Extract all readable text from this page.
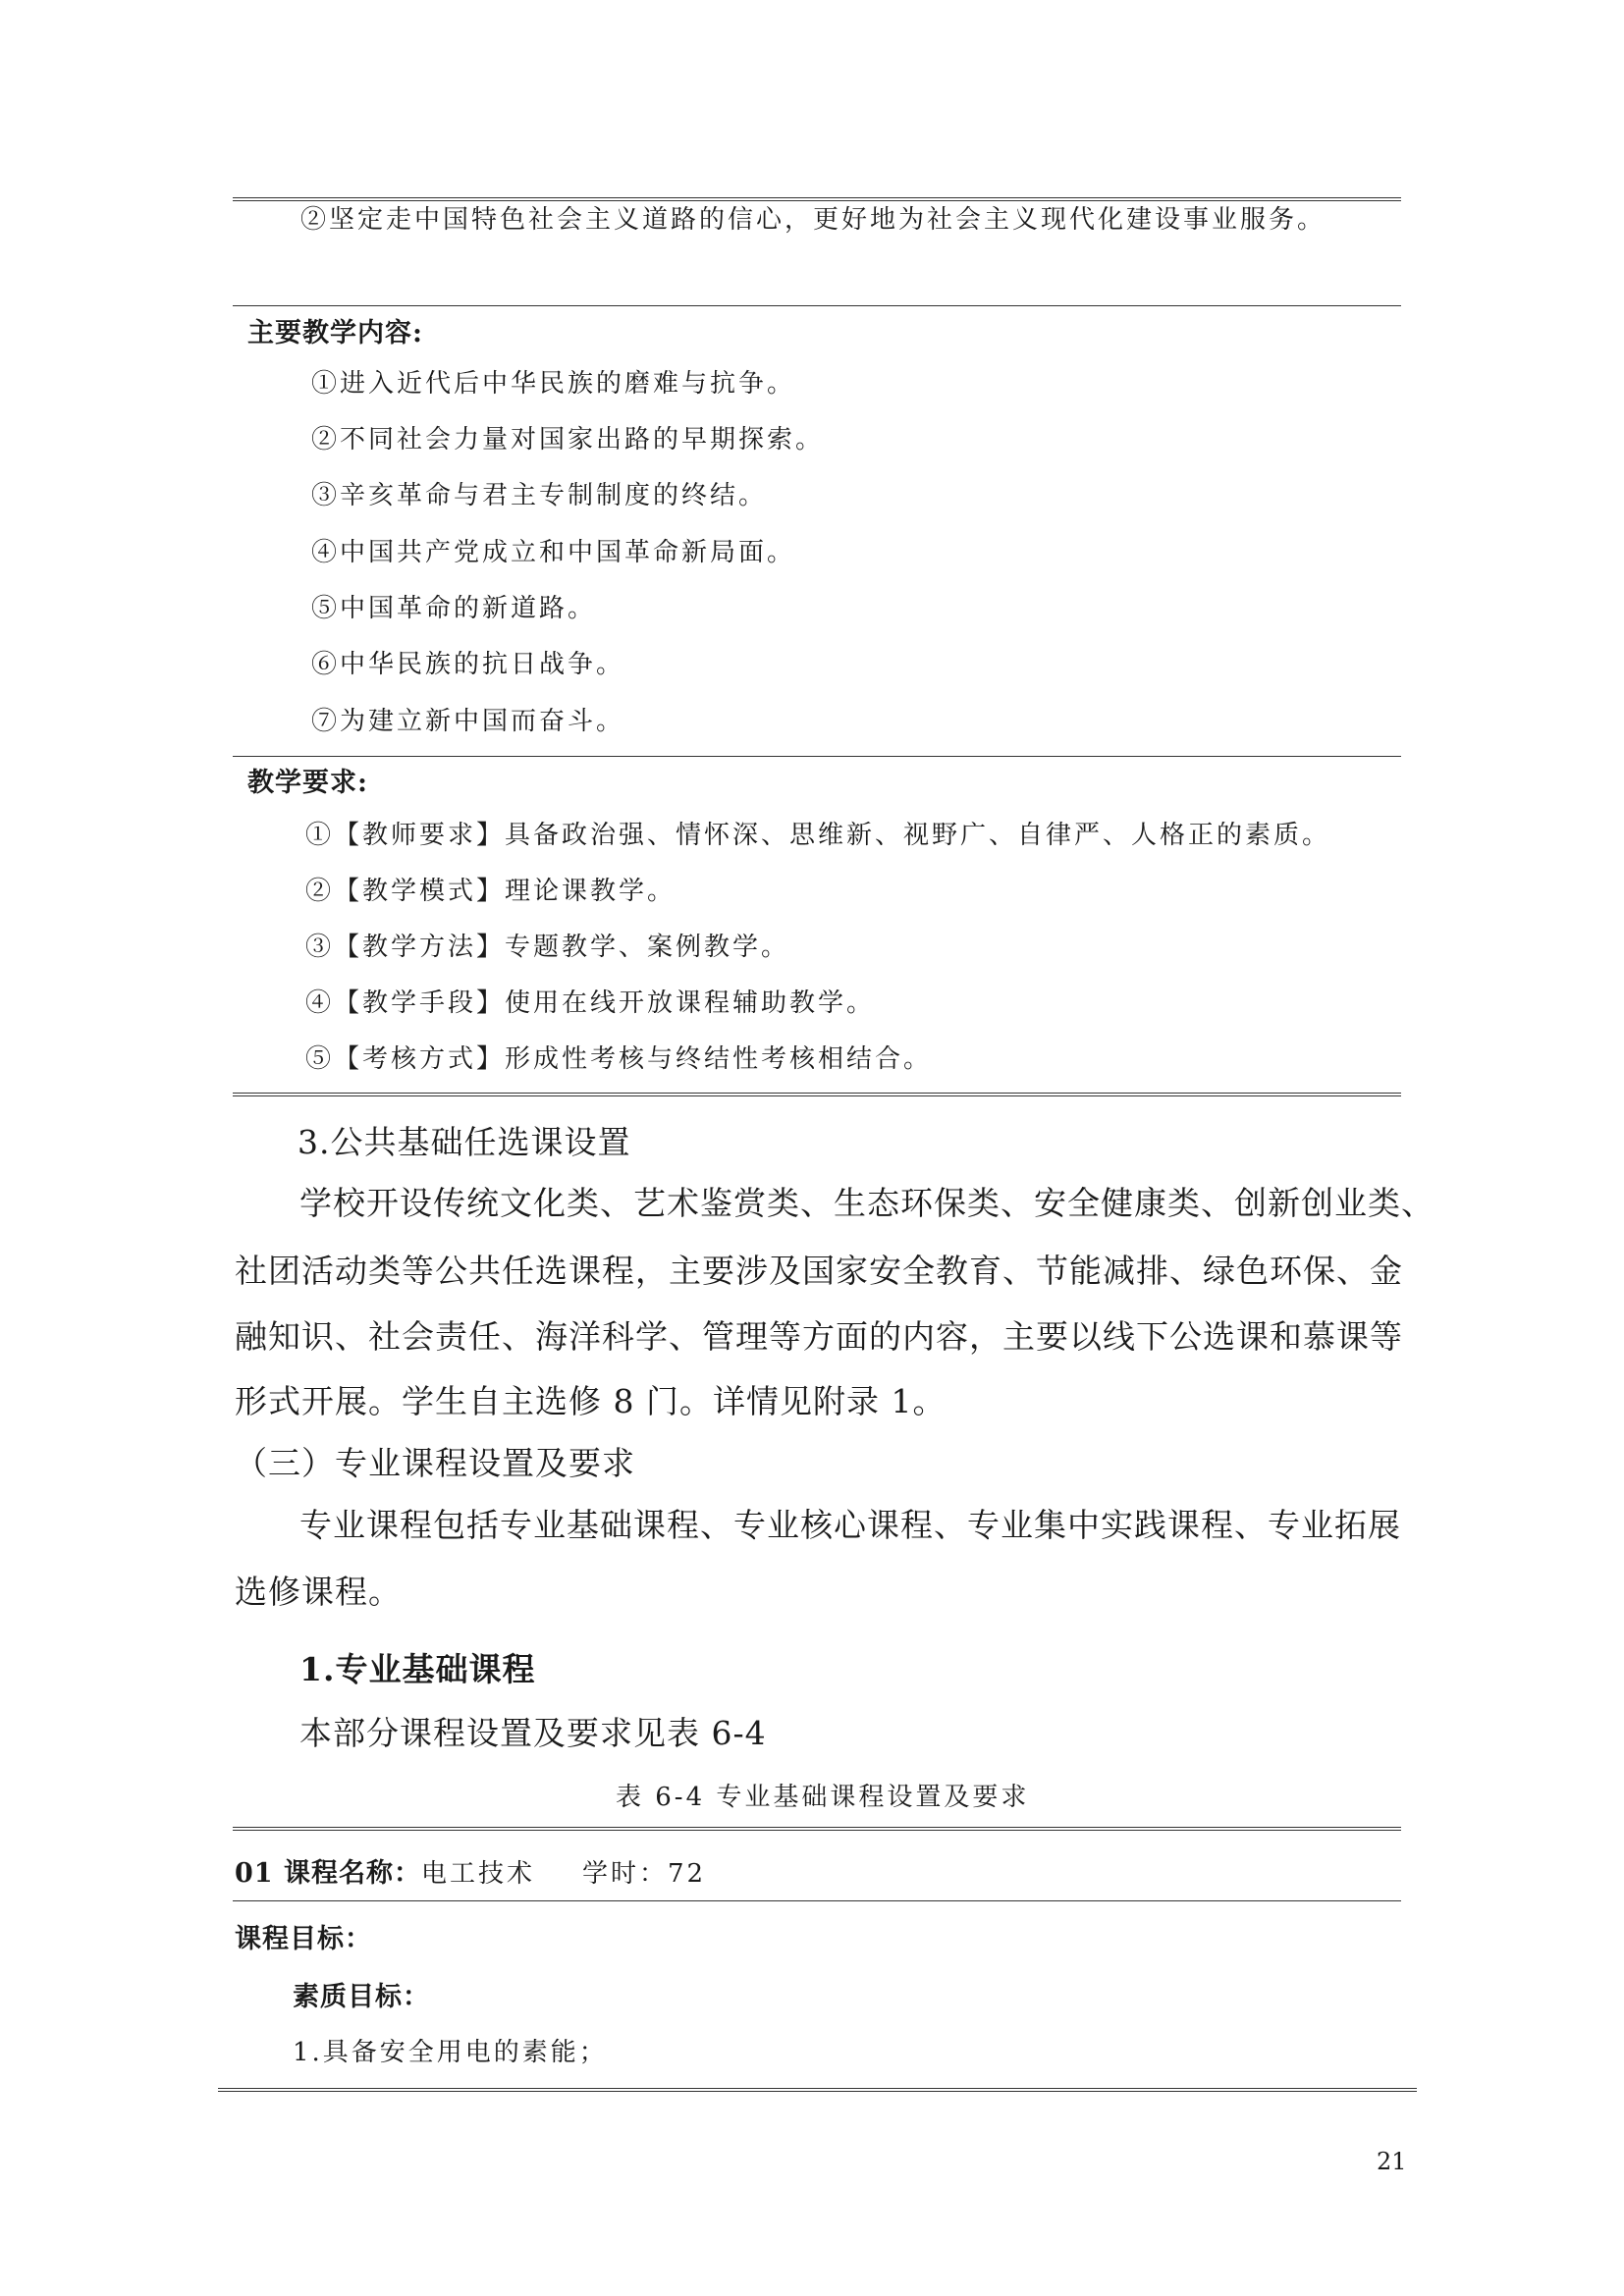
②坚定走中国特色社会主义道路的信心，更好地为社会主义现代化建设事业服务。
主要教学内容:
①进入近代后中华民族的磨难与抗争。
②不同社会力量对国家出路的早期探索。
③辛亥革命与君主专制制度的终结。
④中国共产党成立和中国革命新局面。
⑤中国革命的新道路。
⑥中华民族的抗日战争。
⑦为建立新中国而奋斗。
教学要求:
①【教师要求】具备政治强、情怀深、思维新、视野广、自律严、人格正的素质。
②【教学模式】理论课教学。
③【教学方法】专题教学、案例教学。
④【教学手段】使用在线开放课程辅助教学。
⑤【考核方式】形成性考核与终结性考核相结合。
3.公共基础任选课设置
学校开设传统文化类、艺术鉴赏类、生态环保类、安全健康类、创新创业类、
社团活动类等公共任选课程，主要涉及国家安全教育、节能减排、绿色环保、金
融知识、社会责任、海洋科学、管理等方面的内容，主要以线下公选课和慕课等
形式开展。学生自主选修 8 门。详情见附录 1。
（三）专业课程设置及要求
专业课程包括专业基础课程、专业核心课程、专业集中实践课程、专业拓展
选修课程。
1.专业基础课程
本部分课程设置及要求见表 6-4
表 6-4 专业基础课程设置及要求
01 课程名称：电工技术 学时：72
课程目标：
素质目标：
1.具备安全用电的素能；
21
